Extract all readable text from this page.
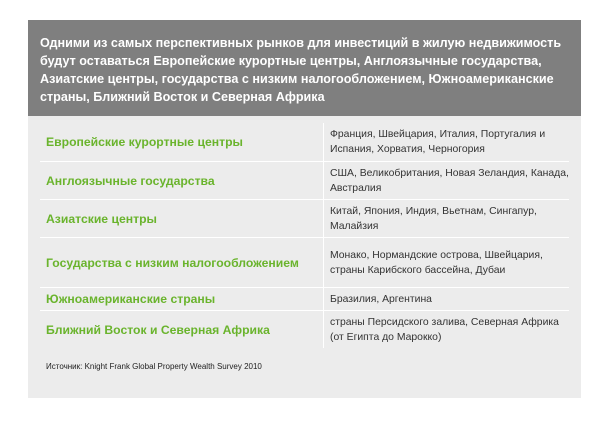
Одними из самых перспективных рынков для инвестиций в жилую недвижимость будут оставаться Европейские курортные центры, Англоязычные государства, Азиатские центры, государства с низким налогообложением, Южноамериканские страны, Ближний Восток и Северная Африка
Европейские курортные центры
Франция, Швейцария, Италия, Португалия и Испания, Хорватия, Черногория
Англоязычные государства
США, Великобритания, Новая Зеландия, Канада, Австралия
Азиатские центры
Китай, Япония, Индия, Вьетнам, Сингапур, Малайзия
Государства с низким налогообложением
Монако, Нормандские острова, Швейцария, страны Карибского бассейна, Дубаи
Южноамериканские страны	Бразилия, Аргентина
Ближний Восток и Северная Африка
страны Персидского залива, Северная Африка (от Египта до Марокко)
Источник: Knight Frank Global Property Wealth Survey 2010
